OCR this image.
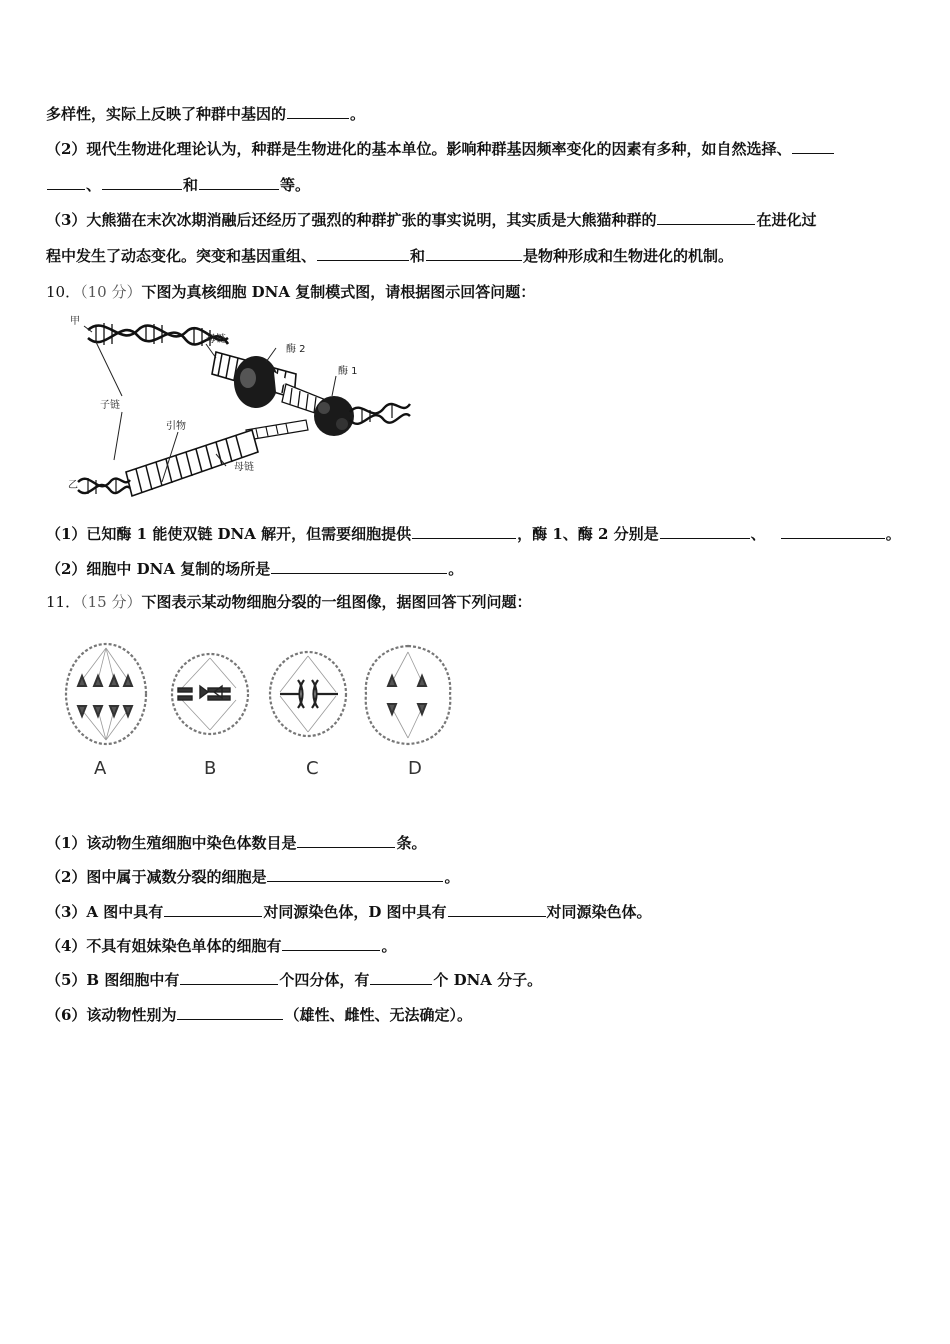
多样性，实际上反映了种群中基因的	。
（2）现代生物进化理论认为，种群是生物进化的基本单位。影响种群基因频率变化的因素有多种，如自然选择、
、	和	等。
（3）大熊猫在末次冰期消融后还经历了强烈的种群扩张的事实说明，其实质是大熊猫种群的	在进化过
程中发生了动态变化。突变和基因重组、	和	是物种形成和生物进化的机制。
10．（10 分）下图为真核细胞 DNA 复制模式图，请根据图示回答问题：
甲
母链
酶 2
酶 1
子链
引物
母链
乙
（1）已知酶 1 能使双链 DNA 解开，但需要细胞提供	，酶 1、酶 2 分别是	、	。
（2）细胞中 DNA 复制的场所是	。
11．（15 分）下图表示某动物细胞分裂的一组图像，据图回答下列问题：
A	B	C	D
（1）该动物生殖细胞中染色体数目是	条。
（2）图中属于减数分裂的细胞是	。
（3）A 图中具有	对同源染色体，D 图中具有	对同源染色体。
（4）不具有姐妹染色单体的细胞有	。
（5）B 图细胞中有	个四分体，有	个 DNA 分子。
（6）该动物性别为	（雄性、雌性、无法确定）。
